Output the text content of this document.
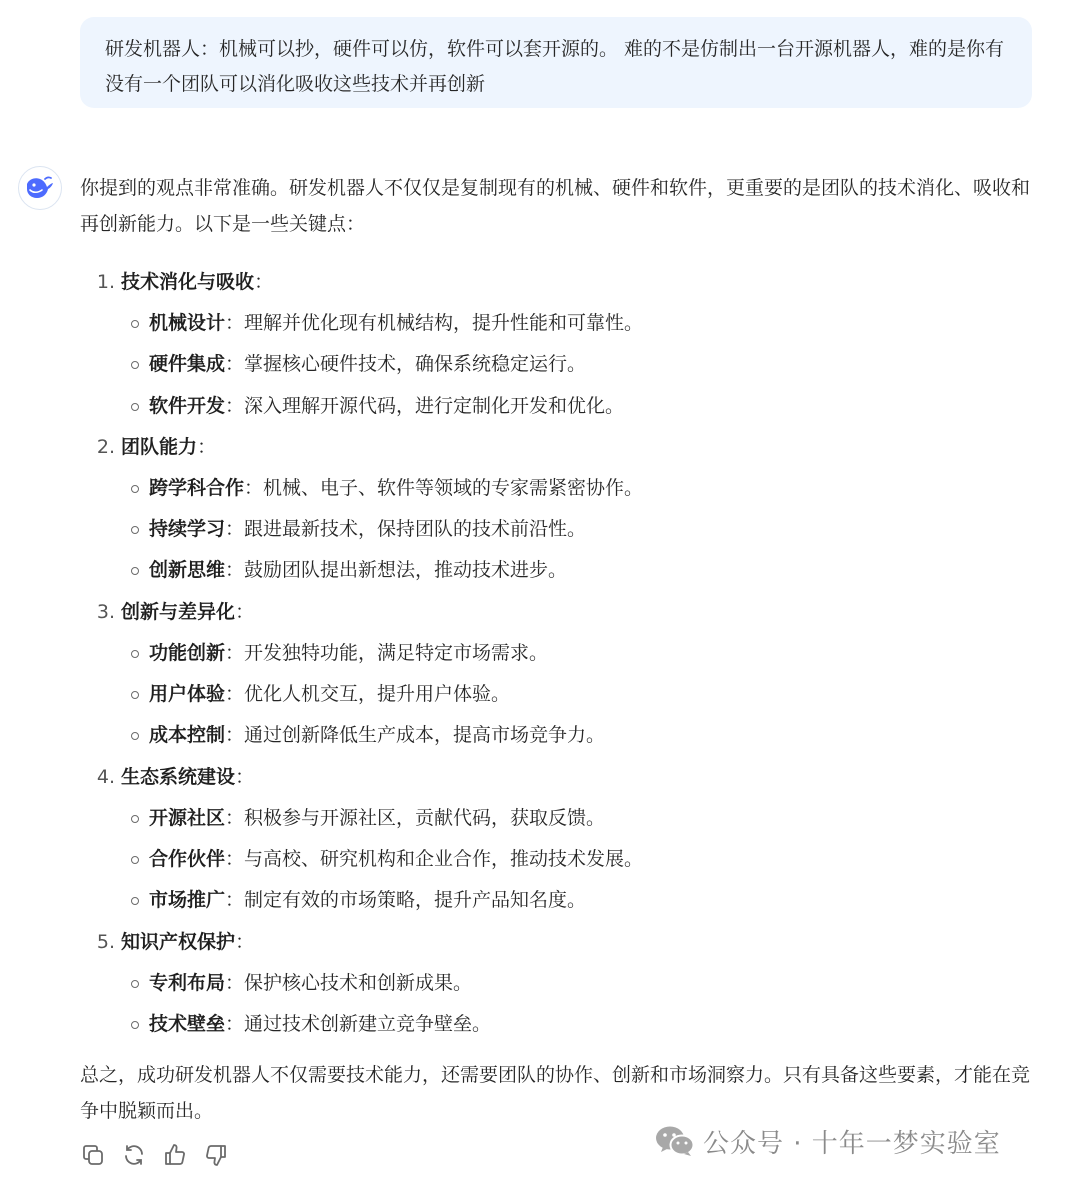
研发机器人：机械可以抄，硬件可以仿，软件可以套开源的。 难的不是仿制出一台开源机器人，难的是你有没有一个团队可以消化吸收这些技术并再创新

你提到的观点非常准确。研发机器人不仅仅是复制现有的机械、硬件和软件，更重要的是团队的技术消化、吸收和再创新能力。以下是一些关键点：

1. 技术消化与吸收：
机械设计：理解并优化现有机械结构，提升性能和可靠性。
硬件集成：掌握核心硬件技术，确保系统稳定运行。
软件开发：深入理解开源代码，进行定制化开发和优化。
2. 团队能力：
跨学科合作：机械、电子、软件等领域的专家需紧密协作。
持续学习：跟进最新技术，保持团队的技术前沿性。
创新思维：鼓励团队提出新想法，推动技术进步。
3. 创新与差异化：
功能创新：开发独特功能，满足特定市场需求。
用户体验：优化人机交互，提升用户体验。
成本控制：通过创新降低生产成本，提高市场竞争力。
4. 生态系统建设：
开源社区：积极参与开源社区，贡献代码，获取反馈。
合作伙伴：与高校、研究机构和企业合作，推动技术发展。
市场推广：制定有效的市场策略，提升产品知名度。
5. 知识产权保护：
专利布局：保护核心技术和创新成果。
技术壁垒：通过技术创新建立竞争壁垒。

总之，成功研发机器人不仅需要技术能力，还需要团队的协作、创新和市场洞察力。只有具备这些要素，才能在竞争中脱颖而出。

公众号 · 十年一梦实验室
